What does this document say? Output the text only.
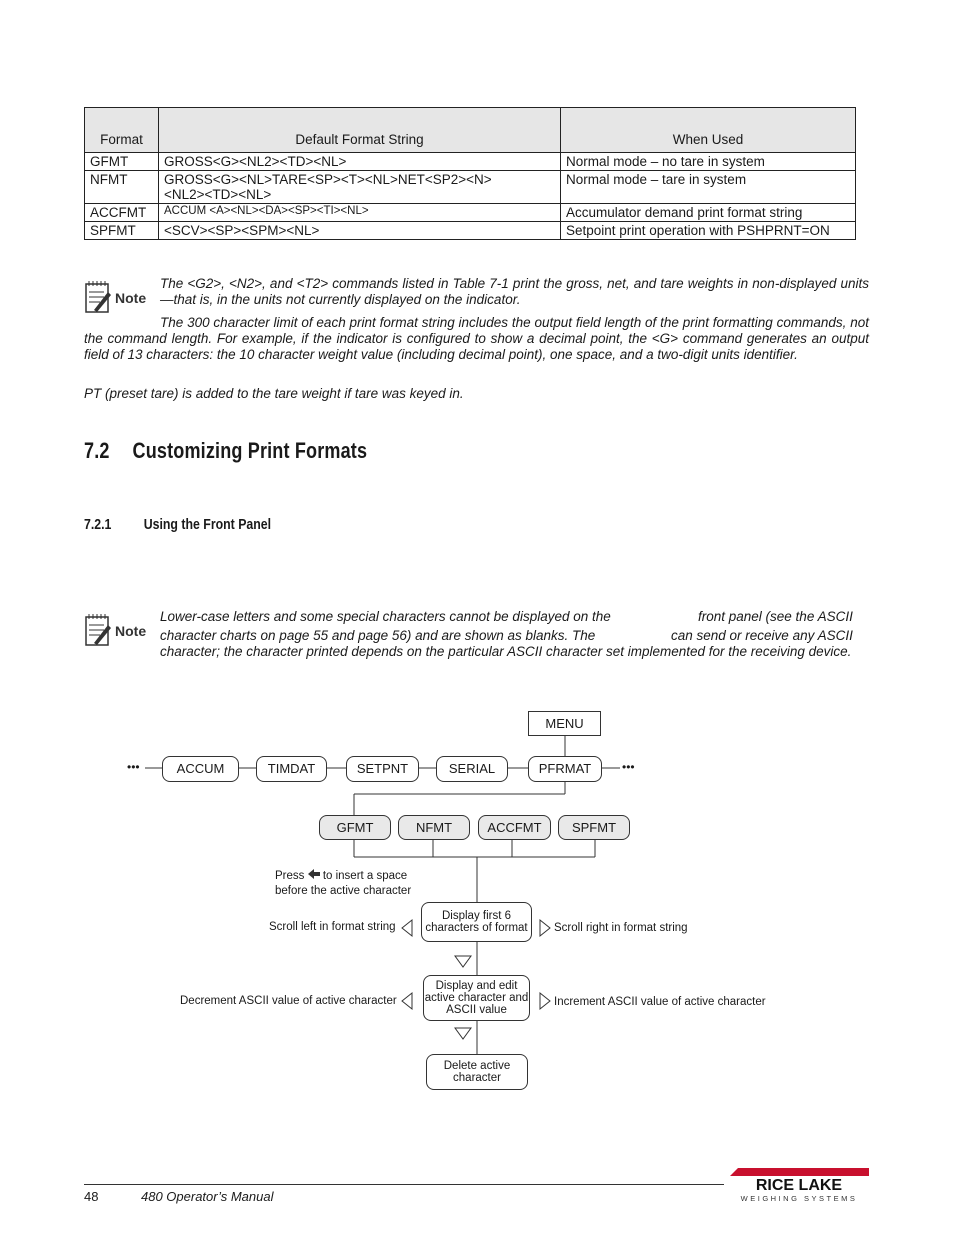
Format	Default Format String	When Used
GFMT	GROSS<G><NL2><TD><NL>	Normal mode – no tare in system
NFMT	GROSS<G><NL>TARE<SP><T><NL>NET<SP2><N>
<NL2><TD><NL>	Normal mode – tare in system
ACCFMT	ACCUM <A><NL><DA><SP><TI><NL>	Accumulator demand print format string
SPFMT	<SCV><SP><SPM><NL>	Setpoint print operation with PSHPRNT=ON
Note
The <G2>, <N2>, and <T2> commands listed in Table 7-1 print the gross, net, and tare weights in non-displayed units—that is, in the units not currently displayed on the indicator.
The 300 character limit of each print format string includes the output field length of the print formatting commands, not the command length. For example, if the indicator is configured to show a decimal point, the <G> command generates an output field of 13 characters: the 10 character weight value (including decimal point), one space, and a two-digit units identifier.
PT (preset tare) is added to the tare weight if tare was keyed in.
7.2 Customizing Print Formats
7.2.1 Using the Front Panel
Note
Lower-case letters and some special characters cannot be displayed on the	front panel (see the ASCII
character charts on page 55 and page 56) and are shown as blanks. The	can send or receive any ASCII
character; the character printed depends on the particular ASCII character set implemented for the receiving device.
MENU
•••	ACCUM	TIMDAT	SETPNT	SERIAL	PFRMAT	•••
GFMT	NFMT	ACCFMT	SPFMT
Press to insert a space
before the active character
Display first 6 characters of format
Scroll left in format string	Scroll right in format string
Display and edit active character and ASCII value
Decrement ASCII value of active character	Increment ASCII value of active character
Delete active character
48	480 Operator’s Manual
RICE LAKE
WEIGHING SYSTEMS
